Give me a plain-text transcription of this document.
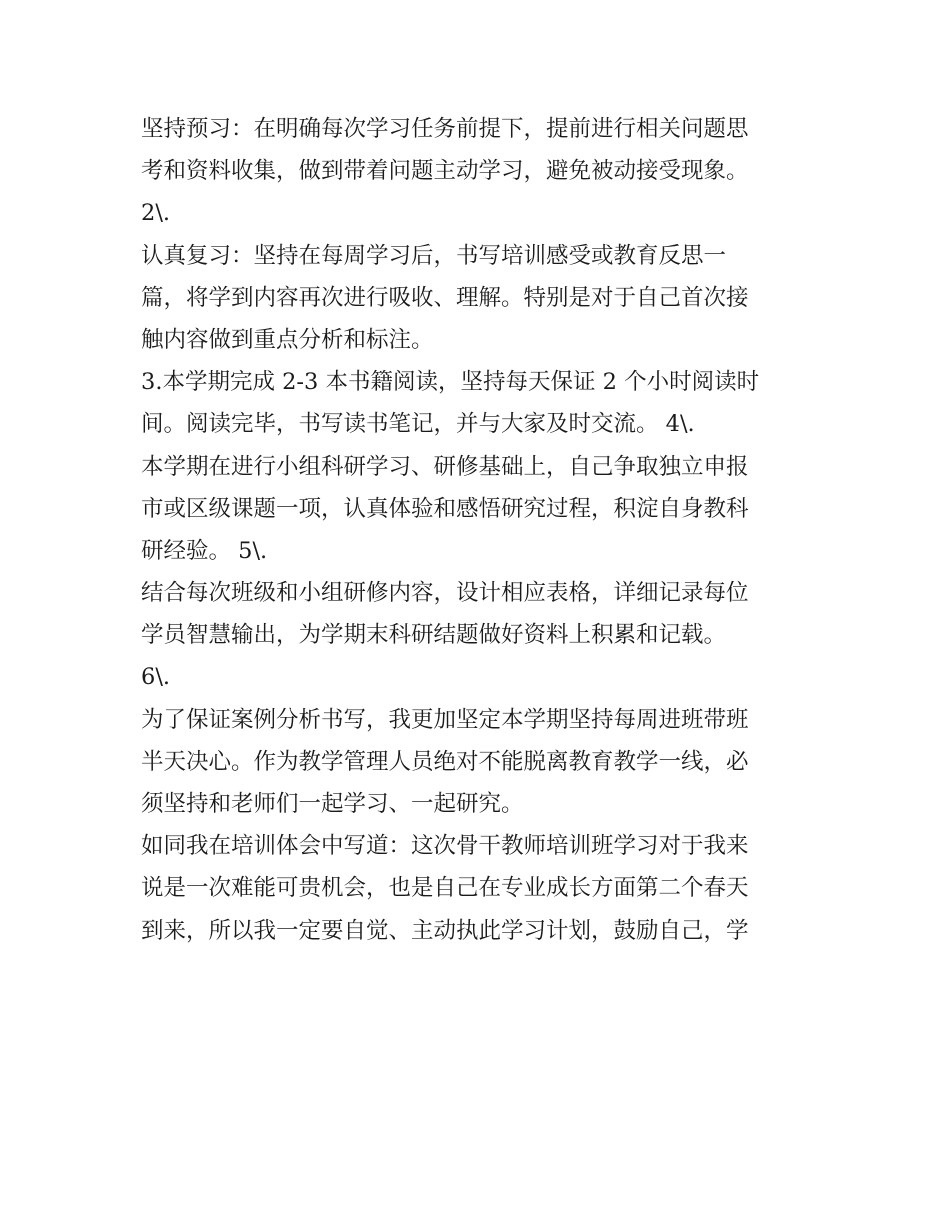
坚持预习：在明确每次学习任务前提下，提前进行相关问题思
考和资料收集，做到带着问题主动学习，避免被动接受现象。
2\.
认真复习：坚持在每周学习后，书写培训感受或教育反思一
篇，将学到内容再次进行吸收、理解。特别是对于自己首次接
触内容做到重点分析和标注。
3.本学期完成 2-3 本书籍阅读，坚持每天保证 2 个小时阅读时
间。阅读完毕，书写读书笔记，并与大家及时交流。 4\.
本学期在进行小组科研学习、研修基础上，自己争取独立申报
市或区级课题一项，认真体验和感悟研究过程，积淀自身教科
研经验。 5\.
结合每次班级和小组研修内容，设计相应表格，详细记录每位
学员智慧输出，为学期末科研结题做好资料上积累和记载。
6\.
为了保证案例分析书写，我更加坚定本学期坚持每周进班带班
半天决心。作为教学管理人员绝对不能脱离教育教学一线，必
须坚持和老师们一起学习、一起研究。
如同我在培训体会中写道：这次骨干教师培训班学习对于我来
说是一次难能可贵机会，也是自己在专业成长方面第二个春天
到来，所以我一定要自觉、主动执此学习计划，鼓励自己，学
